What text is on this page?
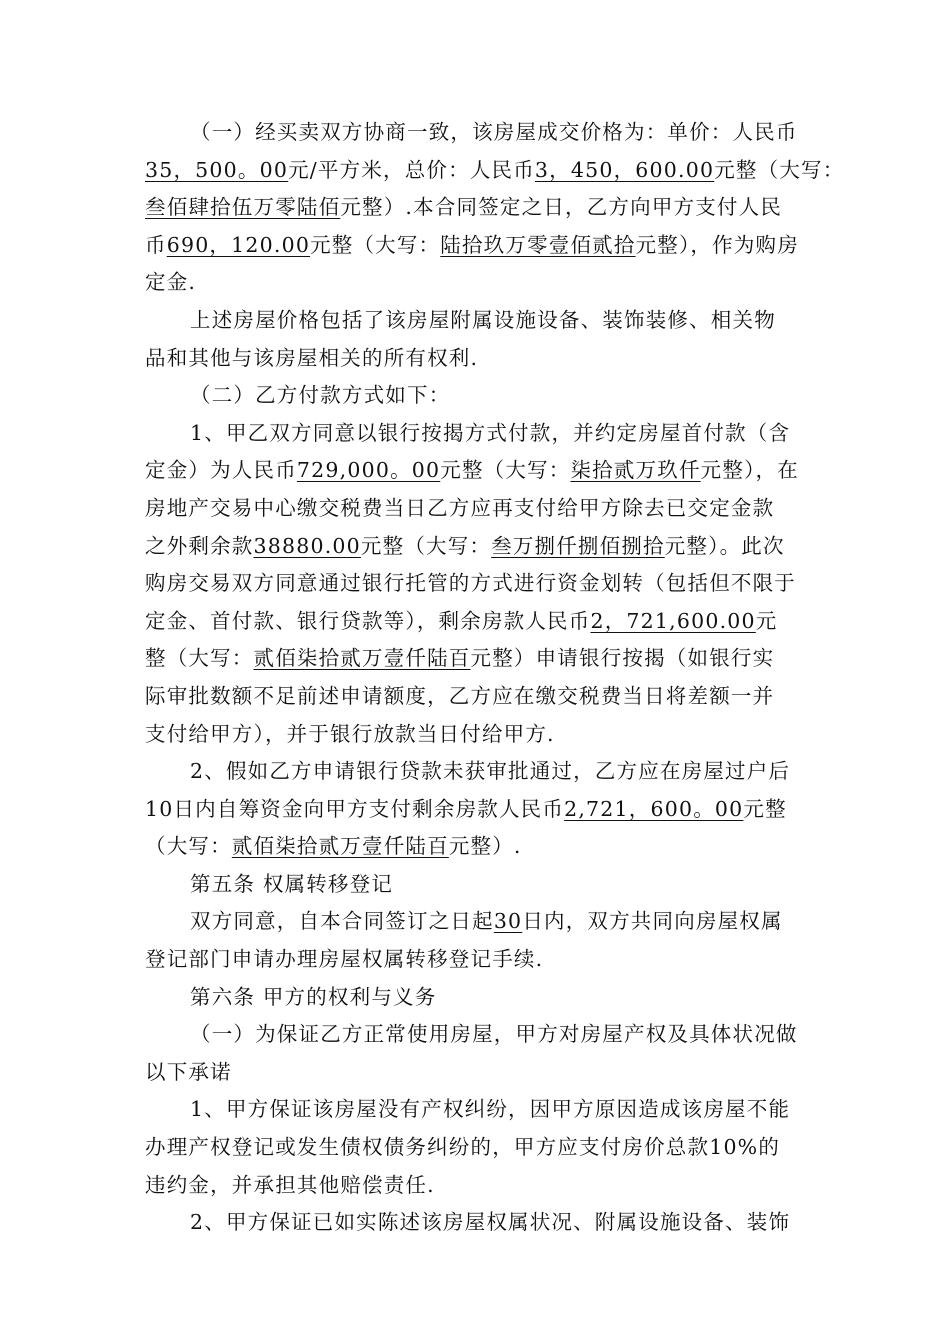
（一）经买卖双方协商一致，该房屋成交价格为：单价：人民币
35，500。00元/平方米，总价：人民币3，450，600.00元整（大写：
叁佰肆拾伍万零陆佰元整）.本合同签定之日，乙方向甲方支付人民
币690，120.00元整（大写：陆拾玖万零壹佰贰拾元整），作为购房
定金.
上述房屋价格包括了该房屋附属设施设备、装饰装修、相关物
品和其他与该房屋相关的所有权利.
（二）乙方付款方式如下：
1、甲乙双方同意以银行按揭方式付款，并约定房屋首付款（含
定金）为人民币729,000。00元整（大写：柒拾贰万玖仟元整），在
房地产交易中心缴交税费当日乙方应再支付给甲方除去已交定金款
之外剩余款38880.00元整（大写：叁万捌仟捌佰捌拾元整）。此次
购房交易双方同意通过银行托管的方式进行资金划转（包括但不限于
定金、首付款、银行贷款等），剩余房款人民币2，721,600.00元
整（大写：贰佰柒拾贰万壹仟陆百元整）申请银行按揭（如银行实
际审批数额不足前述申请额度，乙方应在缴交税费当日将差额一并
支付给甲方），并于银行放款当日付给甲方.
2、假如乙方申请银行贷款未获审批通过，乙方应在房屋过户后
10日内自筹资金向甲方支付剩余房款人民币2,721，600。00元整
（大写：贰佰柒拾贰万壹仟陆百元整）.
第五条 权属转移登记
双方同意，自本合同签订之日起30日内，双方共同向房屋权属
登记部门申请办理房屋权属转移登记手续.
第六条 甲方的权利与义务
（一）为保证乙方正常使用房屋，甲方对房屋产权及具体状况做
以下承诺
1、甲方保证该房屋没有产权纠纷，因甲方原因造成该房屋不能
办理产权登记或发生债权债务纠纷的，甲方应支付房价总款10%的
违约金，并承担其他赔偿责任.
2、甲方保证已如实陈述该房屋权属状况、附属设施设备、装饰
